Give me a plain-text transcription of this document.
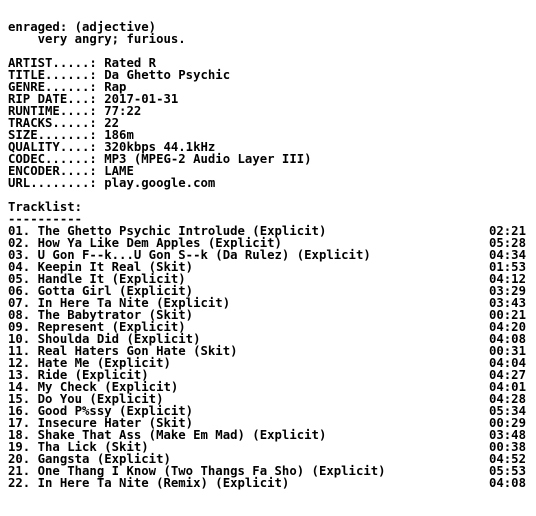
enraged: (adjective)
very angry; furious.
ARTIST.....: Rated R
TITLE......: Da Ghetto Psychic
GENRE......: Rap
RIP DATE...: 2017-01-31
RUNTIME....: 77:22
TRACKS.....: 22
SIZE.......: 186m
QUALITY....: 320kbps 44.1kHz
CODEC......: MP3 (MPEG-2 Audio Layer III)
ENCODER....: LAME
URL........: play.google.com
Tracklist:
----------
01. The Ghetto Psychic Introlude (Explicit)	02:21
02. How Ya Like Dem Apples (Explicit)	05:28
03. U Gon F--k...U Gon S--k (Da Rulez) (Explicit)	04:34
04. Keepin It Real (Skit)	01:53
05. Handle It (Explicit)	04:12
06. Gotta Girl (Explicit)	03:29
07. In Here Ta Nite (Explicit)	03:43
08. The Babytrator (Skit)	00:21
09. Represent (Explicit)	04:20
10. Shoulda Did (Explicit)	04:08
11. Real Haters Gon Hate (Skit)	00:31
12. Hate Me (Explicit)	04:04
13. Ride (Explicit)	04:27
14. My Check (Explicit)	04:01
15. Do You (Explicit)	04:28
16. Good P%ssy (Explicit)	05:34
17. Insecure Hater (Skit)	00:29
18. Shake That Ass (Make Em Mad) (Explicit)	03:48
19. Tha Lick (Skit)	00:38
20. Gangsta (Explicit)	04:52
21. One Thang I Know (Two Thangs Fa Sho) (Explicit)	05:53
22. In Here Ta Nite (Remix) (Explicit)	04:08
